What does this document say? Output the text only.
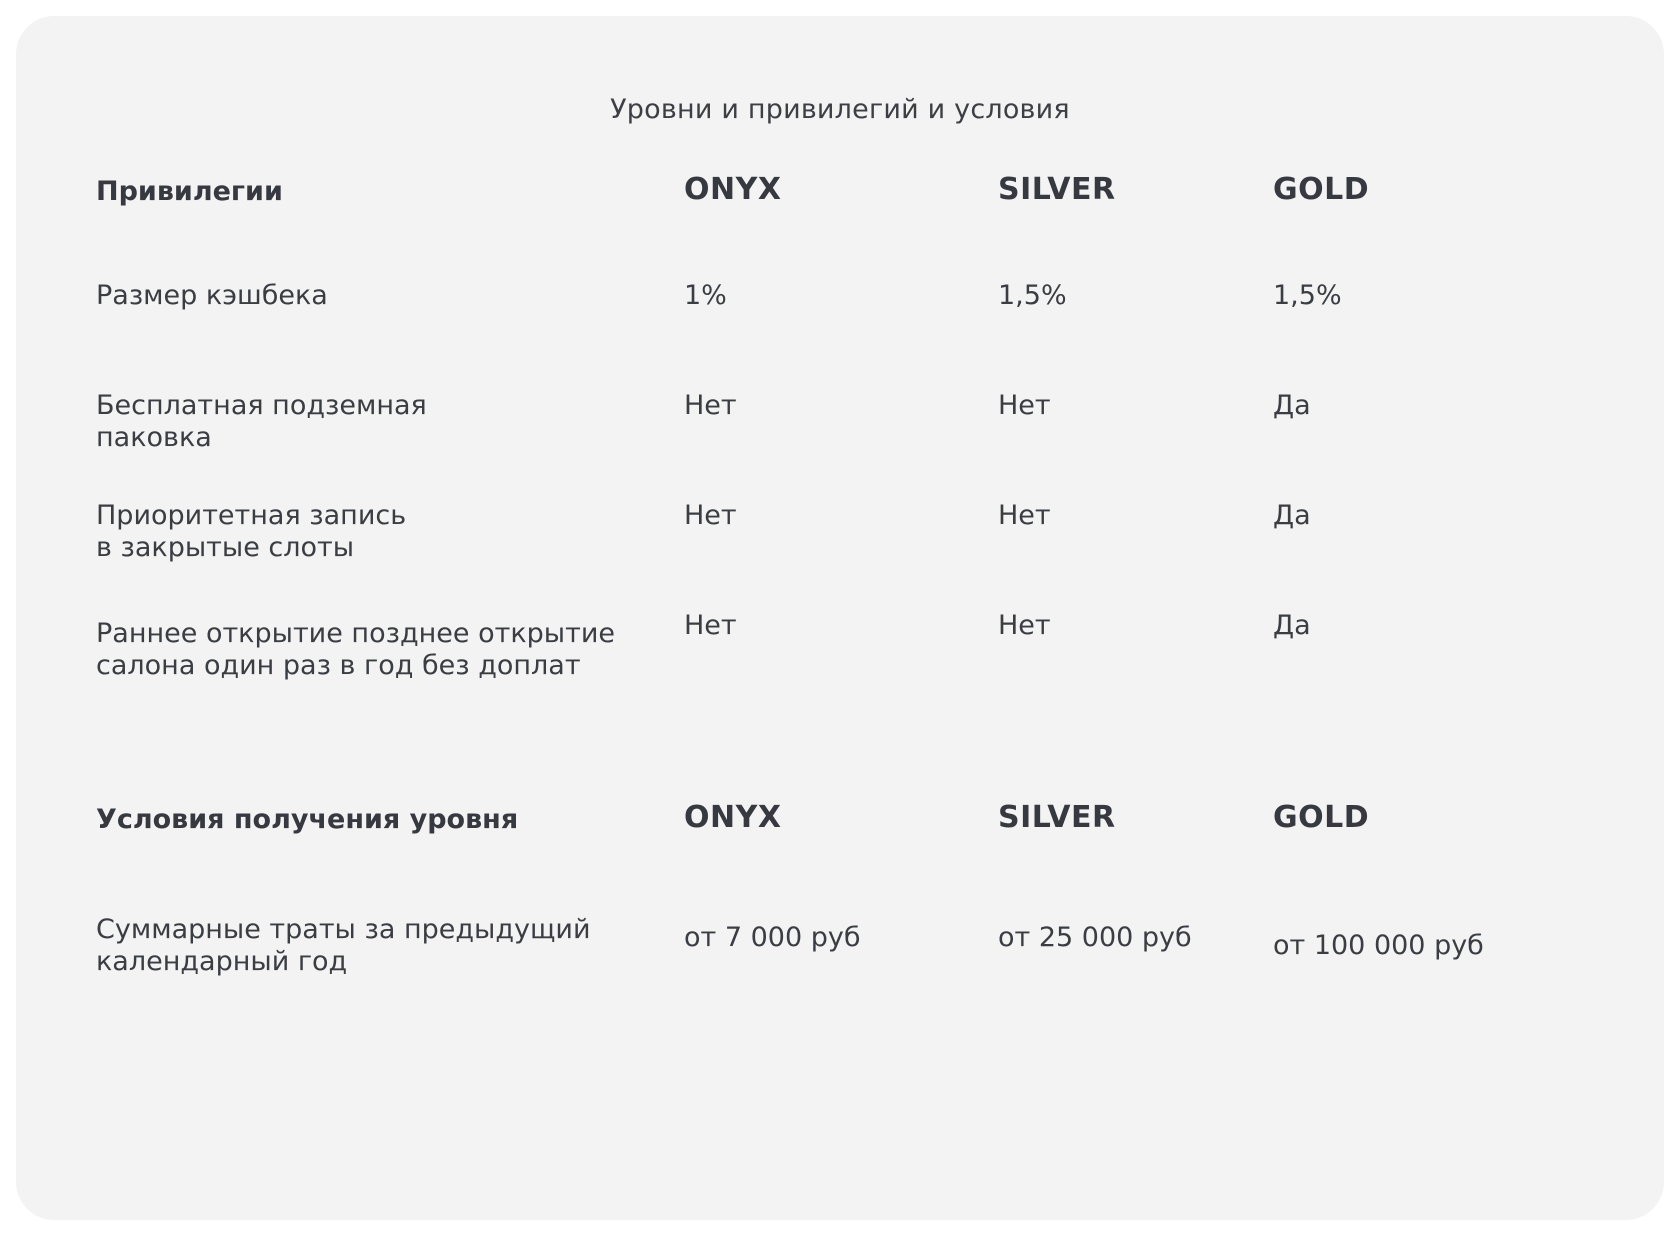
Уровни и привилегий и условия
Привилегии	ONYX	SILVER	GOLD
Размер кэшбека	1%	1,5%	1,5%
Бесплатная подземная
паковка
Нет	Нет	Да
Приоритетная запись
в закрытые слоты
Нет	Нет	Да
Раннее открытие позднее открытие
салона один раз в год без доплат
Нет	Нет	Да
Условия получения уровня	ONYX	SILVER	GOLD
Суммарные траты за предыдущий
календарный год
от 7 000 руб	от 25 000 руб	от 100 000 руб
